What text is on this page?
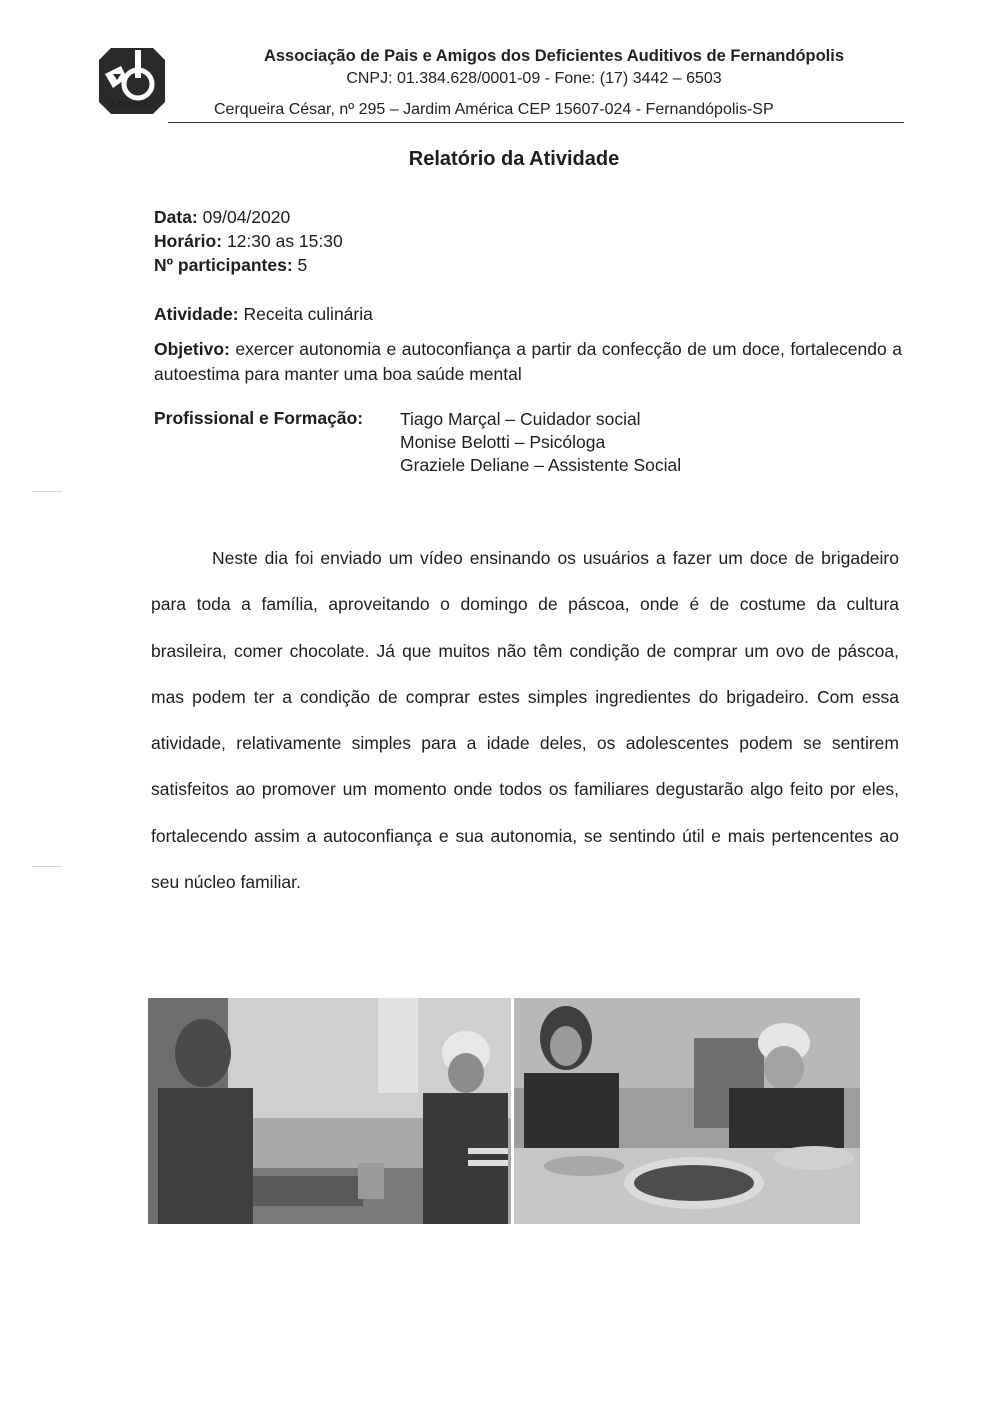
APADAF
Associação de Pais e Amigos dos Deficientes Auditivos de Fernandópolis
CNPJ: 01.384.628/0001-09 - Fone: (17) 3442 – 6503
Cerqueira César, nº 295 – Jardim América CEP 15607-024 - Fernandópolis-SP
Relatório da Atividade
Data: 09/04/2020
Horário: 12:30 as 15:30
Nº participantes: 5
Atividade: Receita culinária
Objetivo: exercer autonomia e autoconfiança a partir da confecção de um doce, fortalecendo a autoestima para manter uma boa saúde mental
Profissional e Formação: Tiago Marçal – Cuidador social
Monise Belotti – Psicóloga
Graziele Deliane – Assistente Social
Neste dia foi enviado um vídeo ensinando os usuários a fazer um doce de brigadeiro para toda a família, aproveitando o domingo de páscoa, onde é de costume da cultura brasileira, comer chocolate. Já que muitos não têm condição de comprar um ovo de páscoa, mas podem ter a condição de comprar estes simples ingredientes do brigadeiro. Com essa atividade, relativamente simples para a idade deles, os adolescentes podem se sentirem satisfeitos ao promover um momento onde todos os familiares degustarão algo feito por eles, fortalecendo assim a autoconfiança e sua autonomia, se sentindo útil e mais pertencentes ao seu núcleo familiar.
